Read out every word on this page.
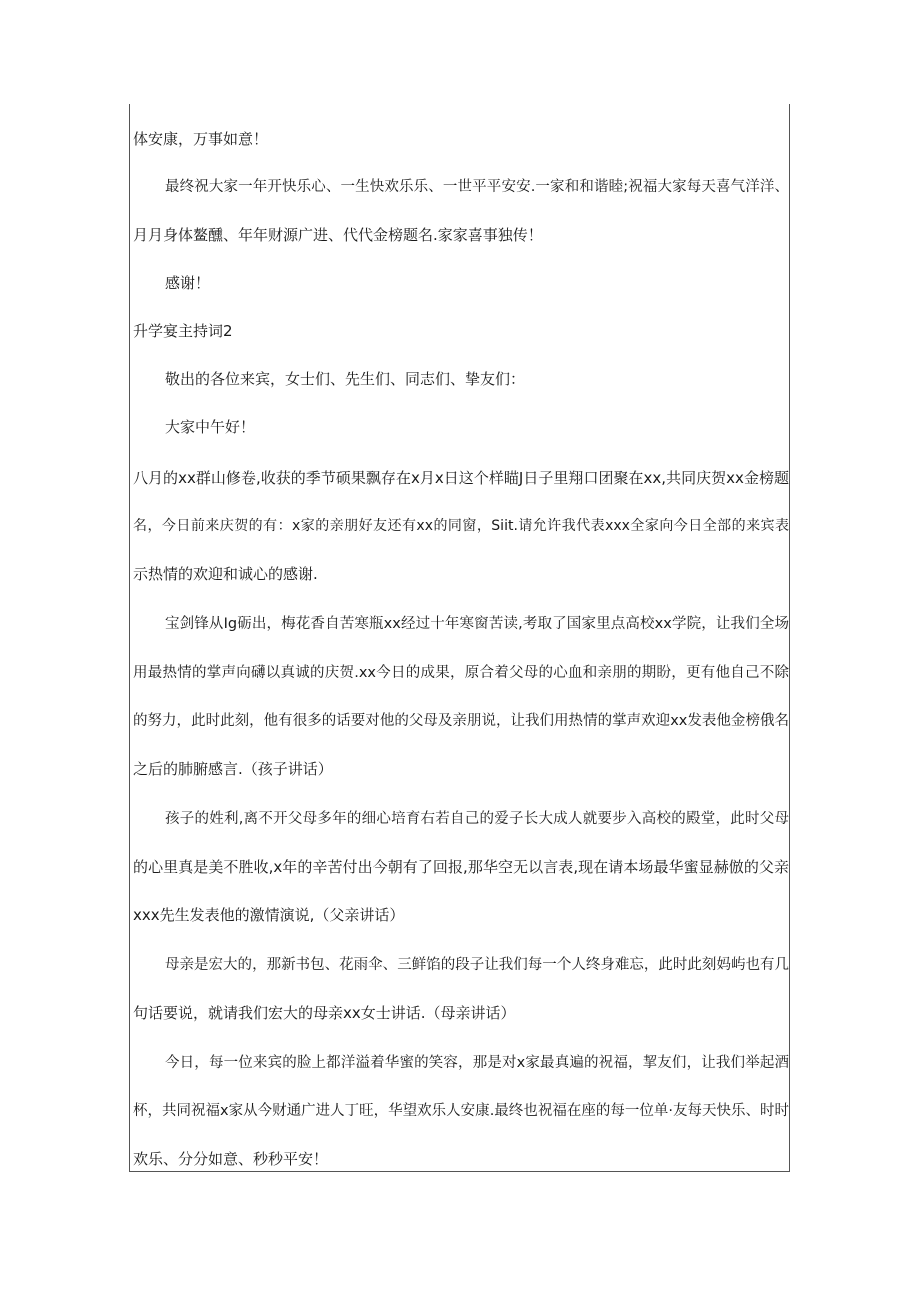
体安康，万事如意！
最终祝大家一年开快乐心、一生快欢乐乐、一世平平安安.一家和和谐睦;祝福大家每天喜气洋洋、
月月身体鳌醺、年年财源广进、代代金榜题名.家家喜事独传！
感谢！
升学宴主持词2
敬出的各位来宾，女士们、先生们、同志们、挚友们：
大家中午好！
八月的xx群山修卷,收获的季节硕果飘存在x月x日这个样瞄J日子里翔口团聚在xx,共同庆贺xx金榜题
名，今日前来庆贺的有：x家的亲朋好友还有xx的同窗，Siit.请允许我代表xxx全家向今日全部的来宾表
示热情的欢迎和诚心的感谢.
宝剑锋从Ig砺出，梅花香自苦寒瓶xx经过十年寒窗苦读,考取了国家里点高校xx学院，让我们全场
用最热情的掌声向礴以真诚的庆贺.xx今日的成果，原合着父母的心血和亲朋的期盼，更有他自己不除
的努力，此时此刻，他有很多的话要对他的父母及亲朋说，让我们用热情的掌声欢迎xx发表他金榜俄名
之后的肺腑感言.（孩子讲话）
孩子的姓利,离不开父母多年的细心培育右若自己的爱子长大成人就要步入高校的殿堂，此时父母
的心里真是美不胜收,x年的辛苦付出今朝有了回报,那华空无以言表,现在请本场最华蜜显赫倣的父亲
xxx先生发表他的激情演说,（父亲讲话）
母亲是宏大的，那新书包、花雨伞、三鲜馅的段子让我们每一个人终身难忘，此时此刻妈屿也有几
句话要说，就请我们宏大的母亲xx女士讲话.（母亲讲话）
今日，每一位来宾的脸上都洋溢着华蜜的笑容，那是对x家最真遍的祝福，挈友们，让我们举起酒
杯，共同祝福x家从今财通广进人丁旺，华望欢乐人安康.最终也祝福在座的每一位单·友每天快乐、时时
欢乐、分分如意、秒秒平安！
